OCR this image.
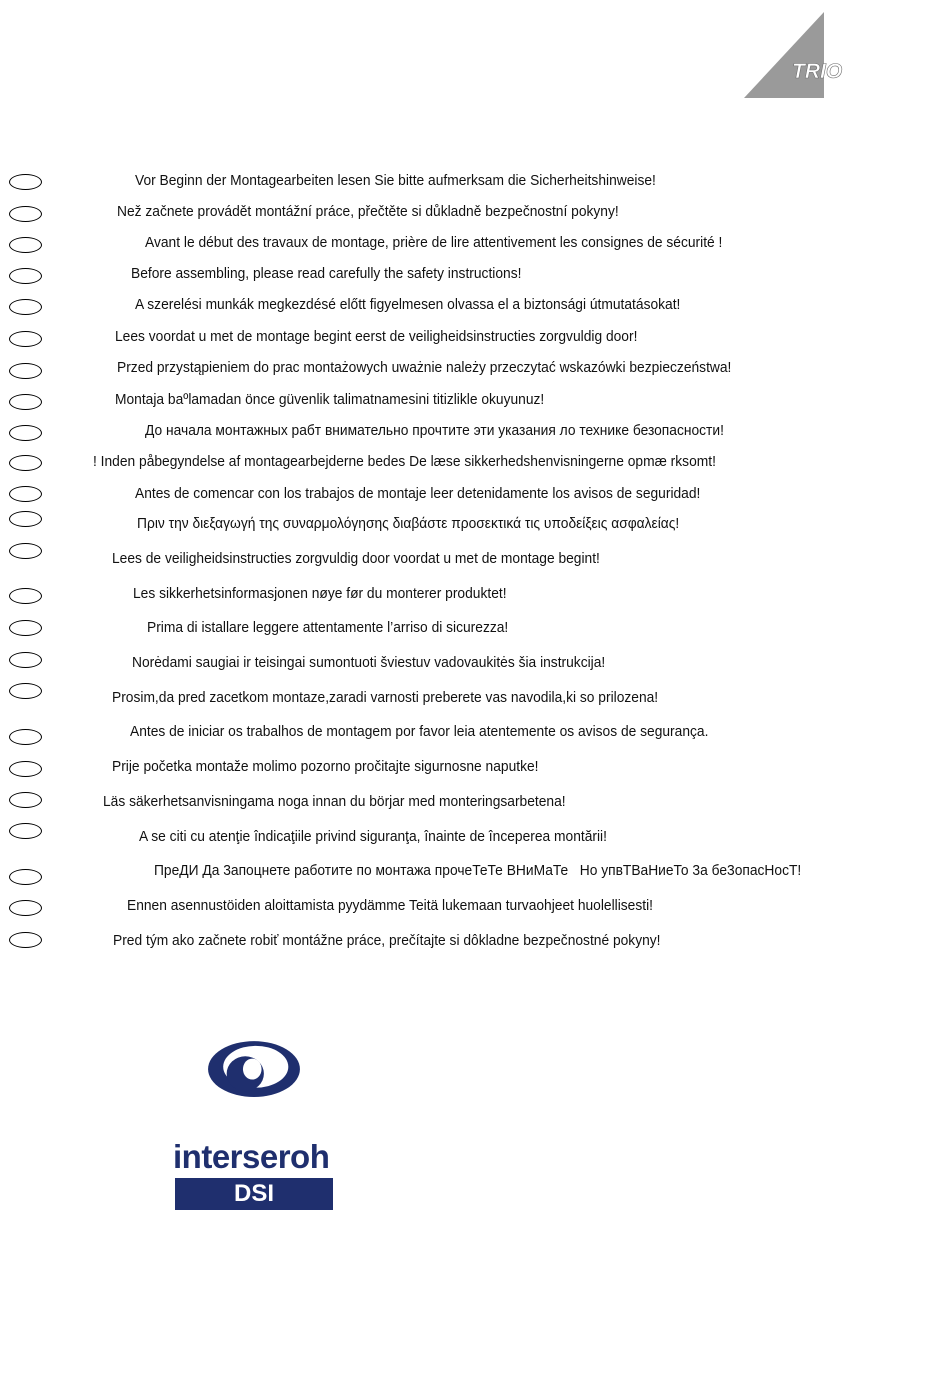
TRIO
Vor Beginn der Montagearbeiten lesen Sie bitte aufmerksam die Sicherheitshinweise!
Než začnete provádět montážní práce, přečtěte si důkladně bezpečnostní pokyny!
Avant le début des travaux de montage, prière de lire attentivement les consignes de sécurité !
Before assembling, please read carefully the safety instructions!
A szerelési munkák megkezdésé előtt figyelmesen olvassa el a biztonsági útmutatásokat!
Lees voordat u met de montage begint eerst de veiligheidsinstructies zorgvuldig door!
Przed przystąpieniem do prac montażowych uważnie należy przeczytać wskazówki bezpieczeństwa!
Montaja baºlamadan önce güvenlik talimatnamesini titizlikle okuyunuz!
До начала монтажных рабт внимательно прочтите эти указания ло технике безопасности!
! Inden påbegyndelse af montagearbejderne bedes De læse sikkerhedshenvisningerne opmæ rksomt!
Antes de comencar con los trabajos de montaje leer detenidamente los avisos de seguridad!
Πριν την διεξαγωγή της συναρμολόγησης διαβάστε προσεκτικά τις υποδείξεις ασφαλείας!
Lees de veiligheidsinstructies zorgvuldig door voordat u met de montage begint!
Les sikkerhetsinformasjonen nøye før du monterer produktet!
Prima di istallare leggere attentamente l’arriso di sicurezza!
Norėdami saugiai ir teisingai sumontuoti šviestuv vadovaukitės šia instrukcija!
Prosim,da pred zacetkom montaze,zaradi varnosti preberete vas navodila,ki so prilozena!
Antes de iniciar os trabalhos de montagem por favor leia atentemente os avisos de segurança.
Prije početka montaže molimo pozorno pročitajte sigurnosne naputke!
Läs säkerhetsanvisningama noga innan du börjar med monteringsarbetena!
A se citi cu atenţie îndicaţiile privind siguranţa, înainte de începerea montării!
ПреДИ Да 3апоцнете работите по монтажа прочеТеТе ВНиМаТе   Но упвТВаНиеТо 3а бе3опасНосТ!
Ennen asennustöiden aloittamista pyydämme Teitä lukemaan turvaohjeet huolellisesti!
Pred tým ako začnete robiť montážne práce, prečítajte si dôkladne bezpečnostné pokyny!
interseroh
DSI
